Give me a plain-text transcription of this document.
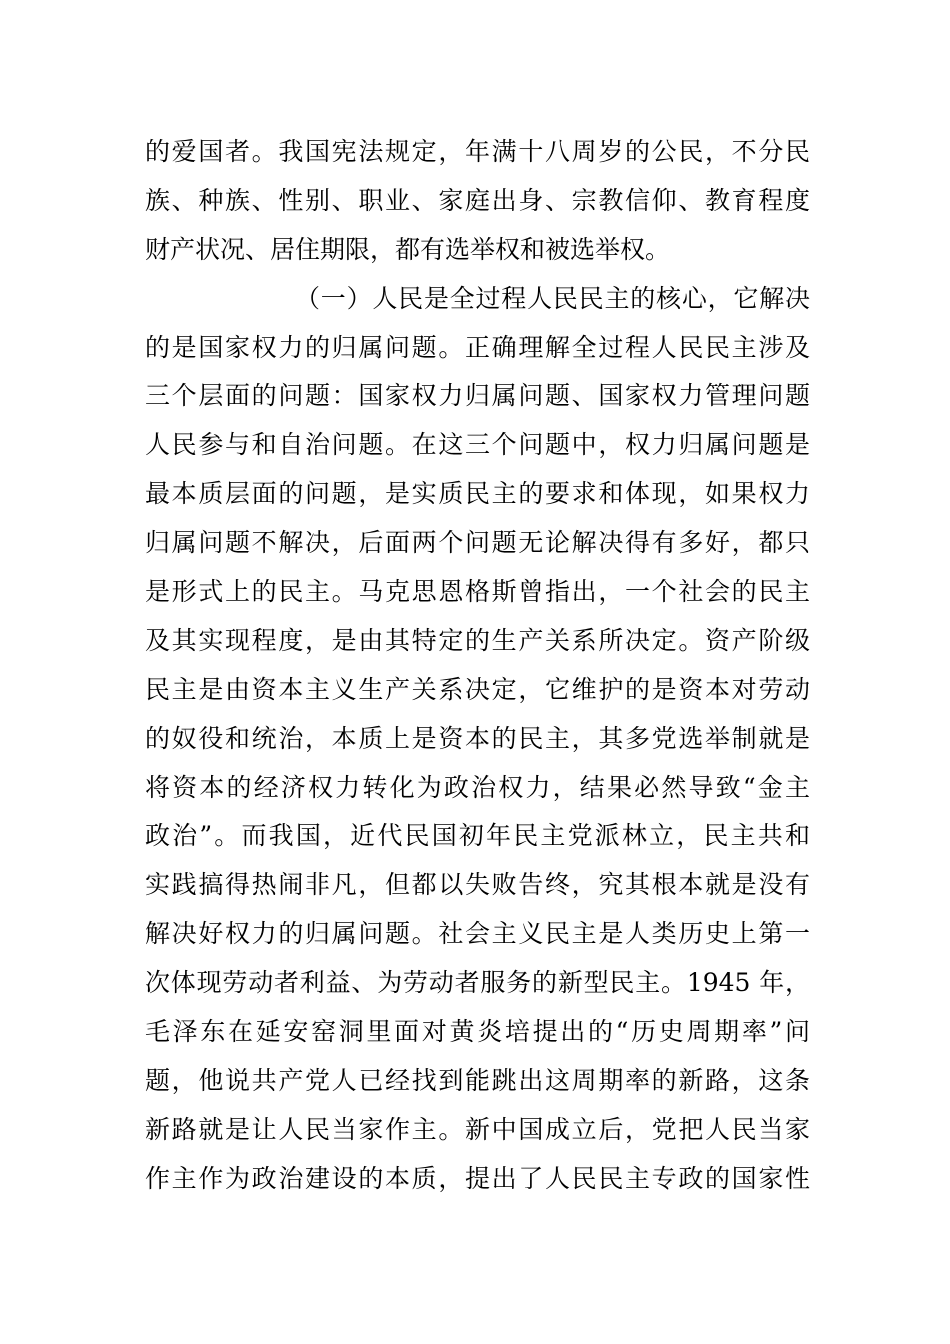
的爱国者。我国宪法规定，年满十八周岁的公民，不分民
族、种族、性别、职业、家庭出身、宗教信仰、教育程度
财产状况、居住期限，都有选举权和被选举权。
（一）人民是全过程人民民主的核心，它解决
的是国家权力的归属问题。正确理解全过程人民民主涉及
三个层面的问题：国家权力归属问题、国家权力管理问题
人民参与和自治问题。在这三个问题中，权力归属问题是
最本质层面的问题，是实质民主的要求和体现，如果权力
归属问题不解决，后面两个问题无论解决得有多好，都只
是形式上的民主。马克思恩格斯曾指出，一个社会的民主
及其实现程度，是由其特定的生产关系所决定。资产阶级
民主是由资本主义生产关系决定，它维护的是资本对劳动
的奴役和统治，本质上是资本的民主，其多党选举制就是
将资本的经济权力转化为政治权力，结果必然导致“金主
政治”。而我国，近代民国初年民主党派林立，民主共和
实践搞得热闹非凡，但都以失败告终，究其根本就是没有
解决好权力的归属问题。社会主义民主是人类历史上第一
次体现劳动者利益、为劳动者服务的新型民主。1945 年，
毛泽东在延安窑洞里面对黄炎培提出的“历史周期率”问
题，他说共产党人已经找到能跳出这周期率的新路，这条
新路就是让人民当家作主。新中国成立后，党把人民当家
作主作为政治建设的本质，提出了人民民主专政的国家性
